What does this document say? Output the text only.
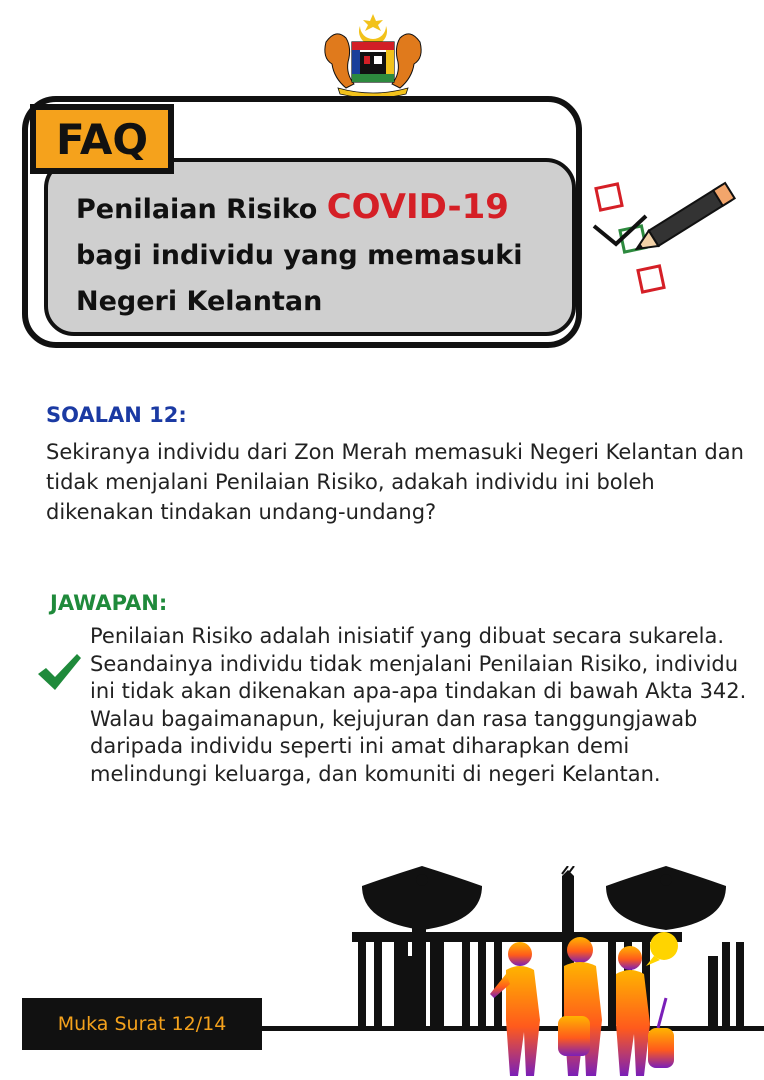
FAQ
Penilaian Risiko COVID-19
bagi individu yang memasuki
Negeri Kelantan
SOALAN 12:
Sekiranya individu dari Zon Merah memasuki Negeri Kelantan dan tidak menjalani Penilaian Risiko, adakah individu ini boleh dikenakan tindakan undang-undang?
JAWAPAN:
Penilaian Risiko adalah inisiatif yang dibuat secara sukarela. Seandainya individu tidak menjalani Penilaian Risiko, individu ini tidak akan dikenakan apa-apa tindakan di bawah Akta 342. Walau bagaimanapun, kejujuran dan rasa tanggungjawab daripada individu seperti ini amat diharapkan demi melindungi keluarga, dan komuniti di negeri Kelantan.
Muka Surat 12/14
